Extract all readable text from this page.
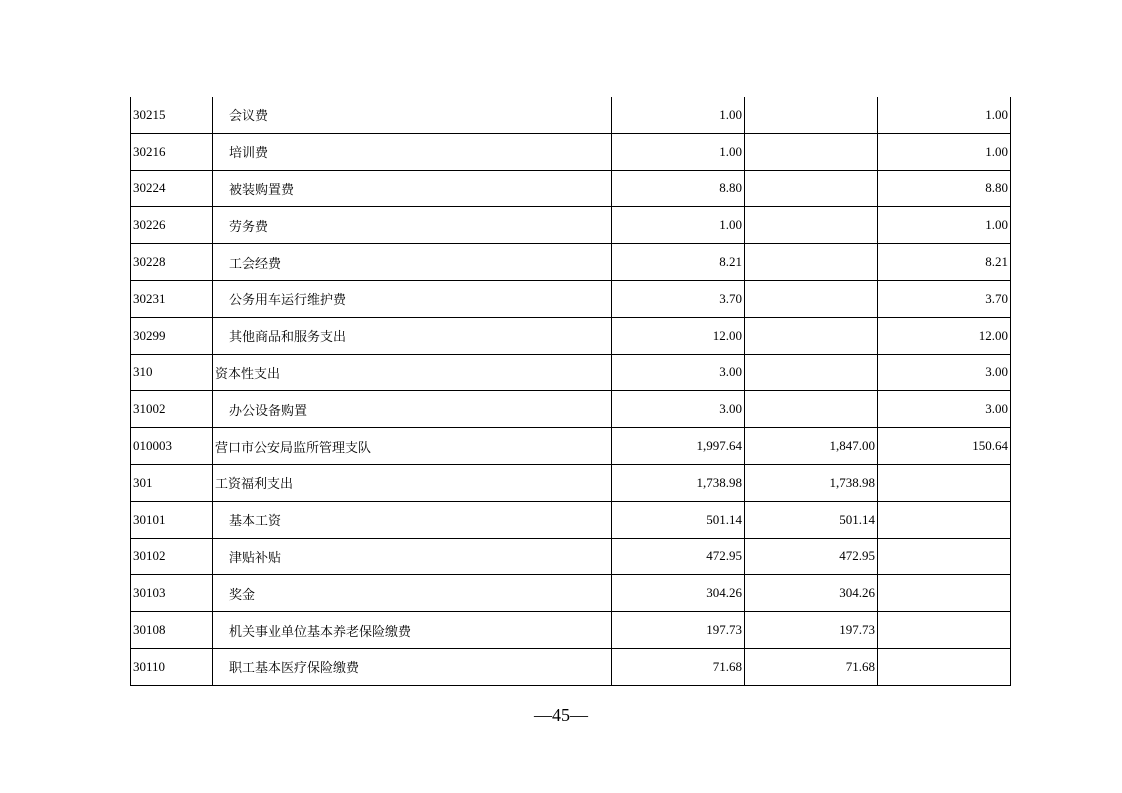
30215	会议费	1.00		1.00
30216	培训费	1.00		1.00
30224	被装购置费	8.80		8.80
30226	劳务费	1.00		1.00
30228	工会经费	8.21		8.21
30231	公务用车运行维护费	3.70		3.70
30299	其他商品和服务支出	12.00		12.00
310	资本性支出	3.00		3.00
31002	办公设备购置	3.00		3.00
010003	营口市公安局监所管理支队	1,997.64	1,847.00	150.64
301	工资福利支出	1,738.98	1,738.98	
30101	基本工资	501.14	501.14	
30102	津贴补贴	472.95	472.95	
30103	奖金	304.26	304.26	
30108	机关事业单位基本养老保险缴费	197.73	197.73	
30110	职工基本医疗保险缴费	71.68	71.68	
—45—
